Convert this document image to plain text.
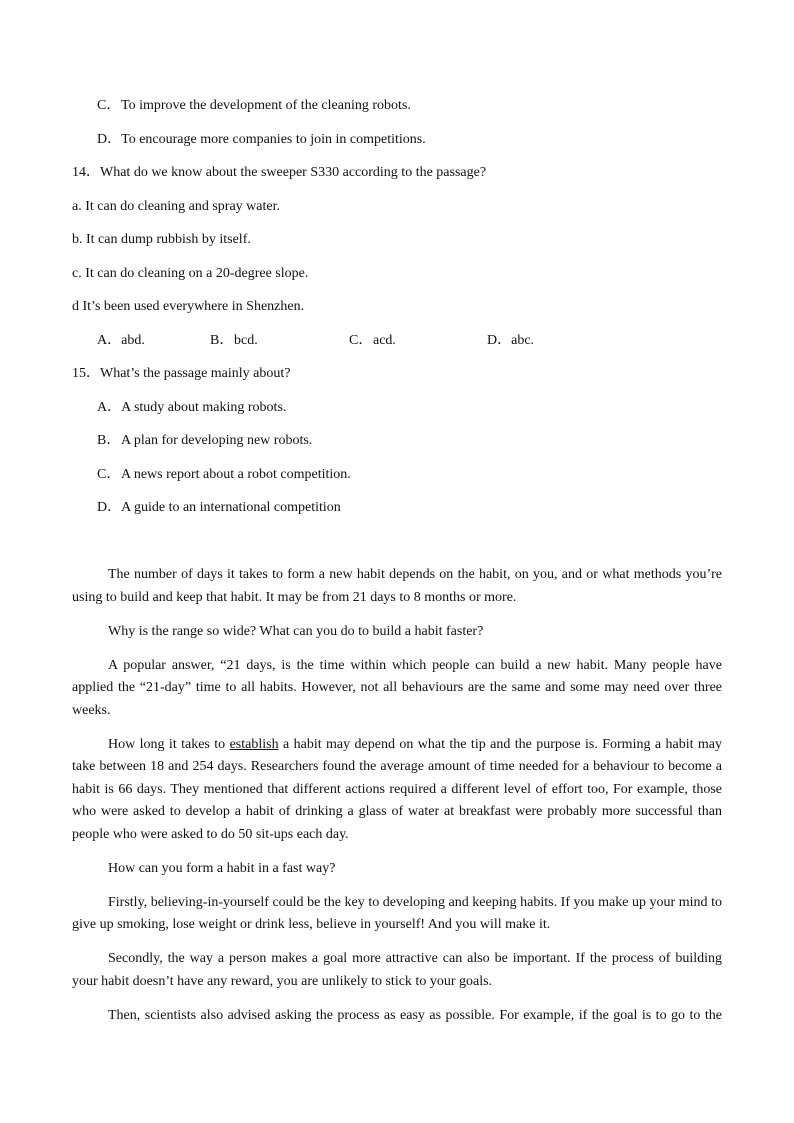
C．To improve the development of the cleaning robots.
D．To encourage more companies to join in competitions.
14．What do we know about the sweeper S330 according to the passage?
a. It can do cleaning and spray water.
b. It can dump rubbish by itself.
c. It can do cleaning on a 20-degree slope.
d It’s been used everywhere in Shenzhen.
A．abd.	B．bcd.	C．acd.	D．abc.
15．What’s the passage mainly about?
A．A study about making robots.
B．A plan for developing new robots.
C．A news report about a robot competition.
D．A guide to an international competition

The number of days it takes to form a new habit depends on the habit, on you, and or what methods you’re using to build and keep that habit. It may be from 21 days to 8 months or more.

Why is the range so wide? What can you do to build a habit faster?

A popular answer, “21 days, is the time within which people can build a new habit. Many people have applied the “21-day” time to all habits. However, not all behaviours are the same and some may need over three weeks.

How long it takes to establish a habit may depend on what the tip and the purpose is. Forming a habit may take between 18 and 254 days. Researchers found the average amount of time needed for a behaviour to become a habit is 66 days. They mentioned that different actions required a different level of effort too, For example, those who were asked to develop a habit of drinking a glass of water at breakfast were probably more successful than people who were asked to do 50 sit-ups each day.

How can you form a habit in a fast way?

Firstly, believing-in-yourself could be the key to developing and keeping habits. If you make up your mind to give up smoking, lose weight or drink less, believe in yourself! And you will make it.

Secondly, the way a person makes a goal more attractive can also be important. If the process of building your habit doesn’t have any reward, you are unlikely to stick to your goals.

Then, scientists also advised asking the process as easy as possible. For example, if the goal is to go to the
